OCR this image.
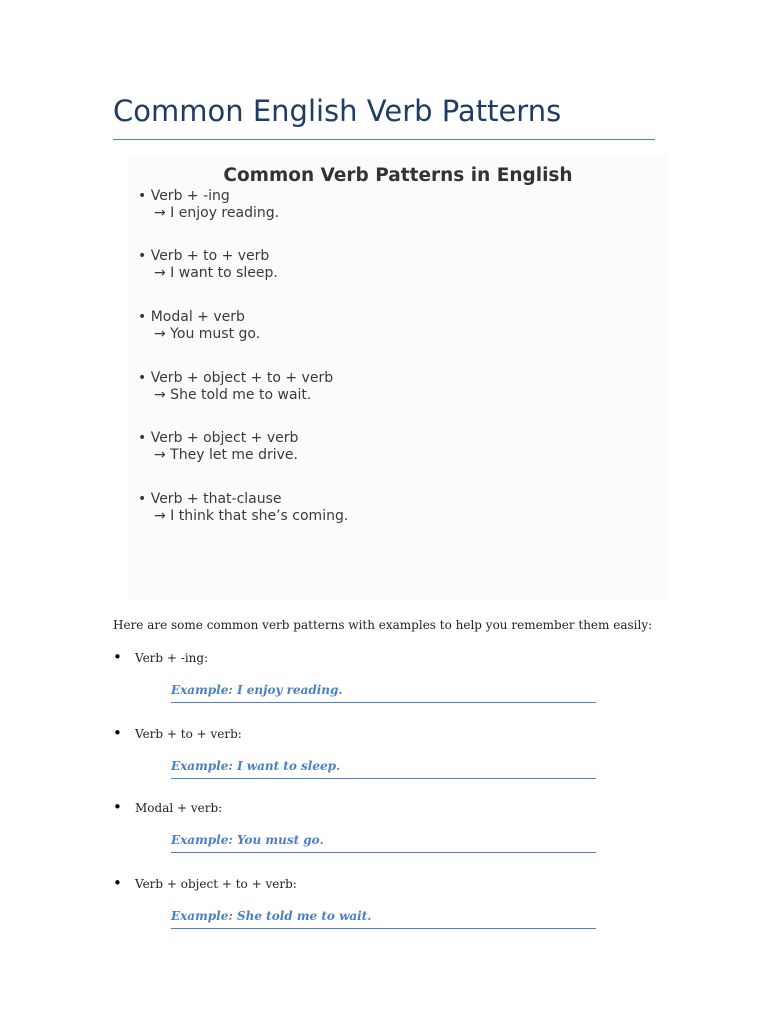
Common English Verb Patterns
Common Verb Patterns in English
• Verb + -ing
→ I enjoy reading.
• Verb + to + verb
→ I want to sleep.
• Modal + verb
→ You must go.
• Verb + object + to + verb
→ She told me to wait.
• Verb + object + verb
→ They let me drive.
• Verb + that-clause
→ I think that she’s coming.

Here are some common verb patterns with examples to help you remember them easily:

• Verb + -ing:
Example: I enjoy reading.
• Verb + to + verb:
Example: I want to sleep.
• Modal + verb:
Example: You must go.
• Verb + object + to + verb:
Example: She told me to wait.
